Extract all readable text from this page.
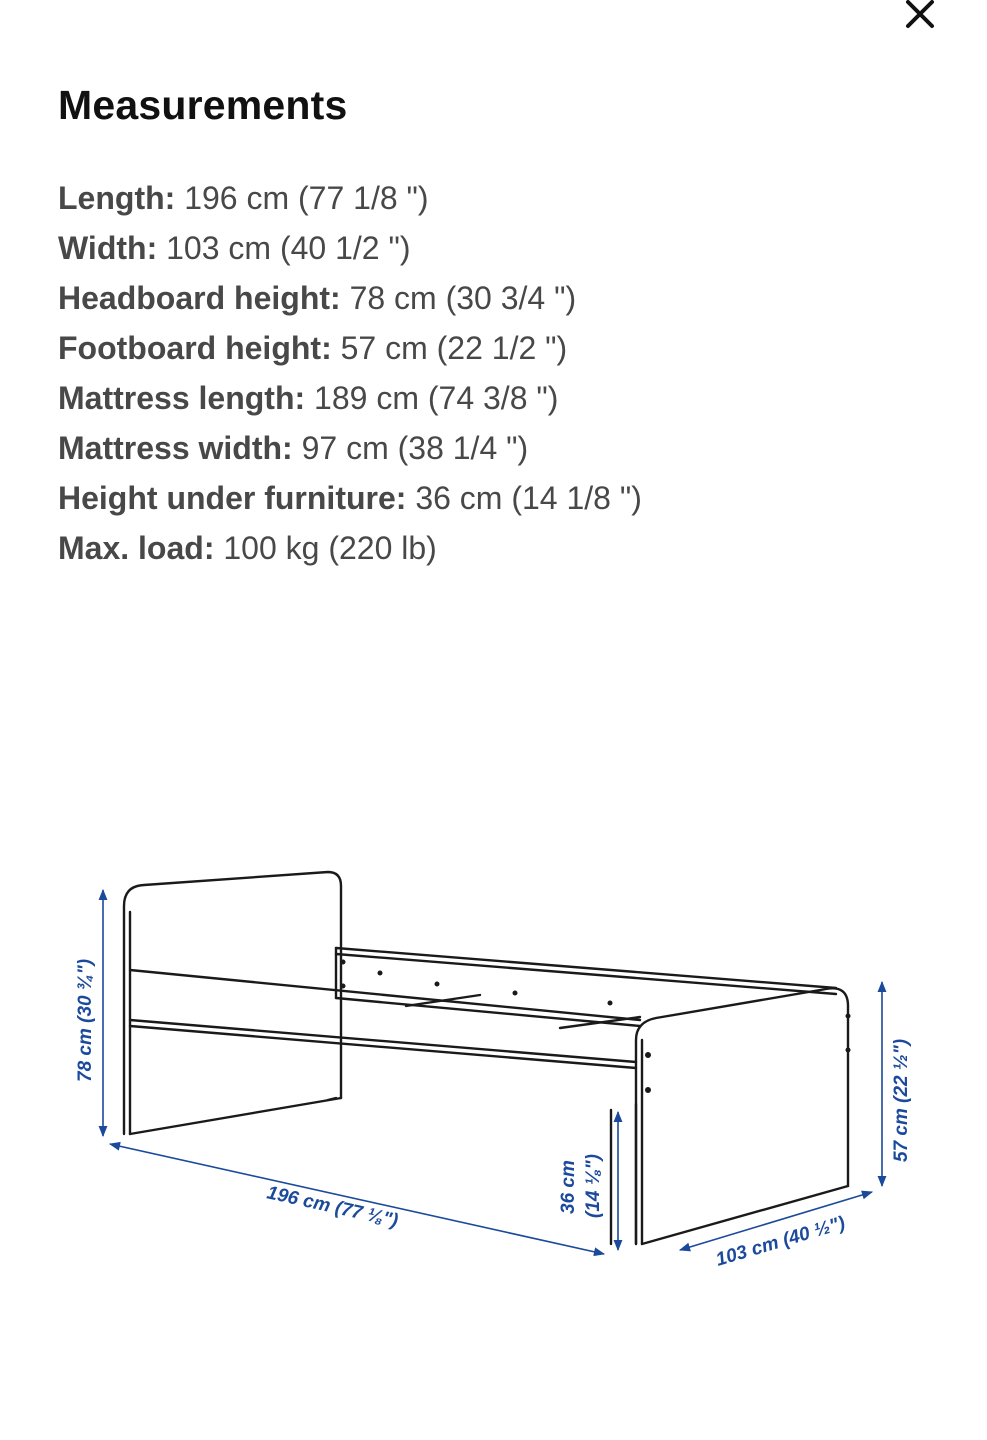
Measurements
Length: 196 cm (77 1/8 ")
Width: 103 cm (40 1/2 ")
Headboard height: 78 cm (30 3/4 ")
Footboard height: 57 cm (22 1/2 ")
Mattress length: 189 cm (74 3/8 ")
Mattress width: 97 cm (38 1/4 ")
Height under furniture: 36 cm (14 1/8 ")
Max. load: 100 kg (220 lb)
78 cm (30 ¾")
196 cm (77 ⅛")	36 cm (14 ⅛")
103 cm (40 ½")
57 cm (22 ½")
